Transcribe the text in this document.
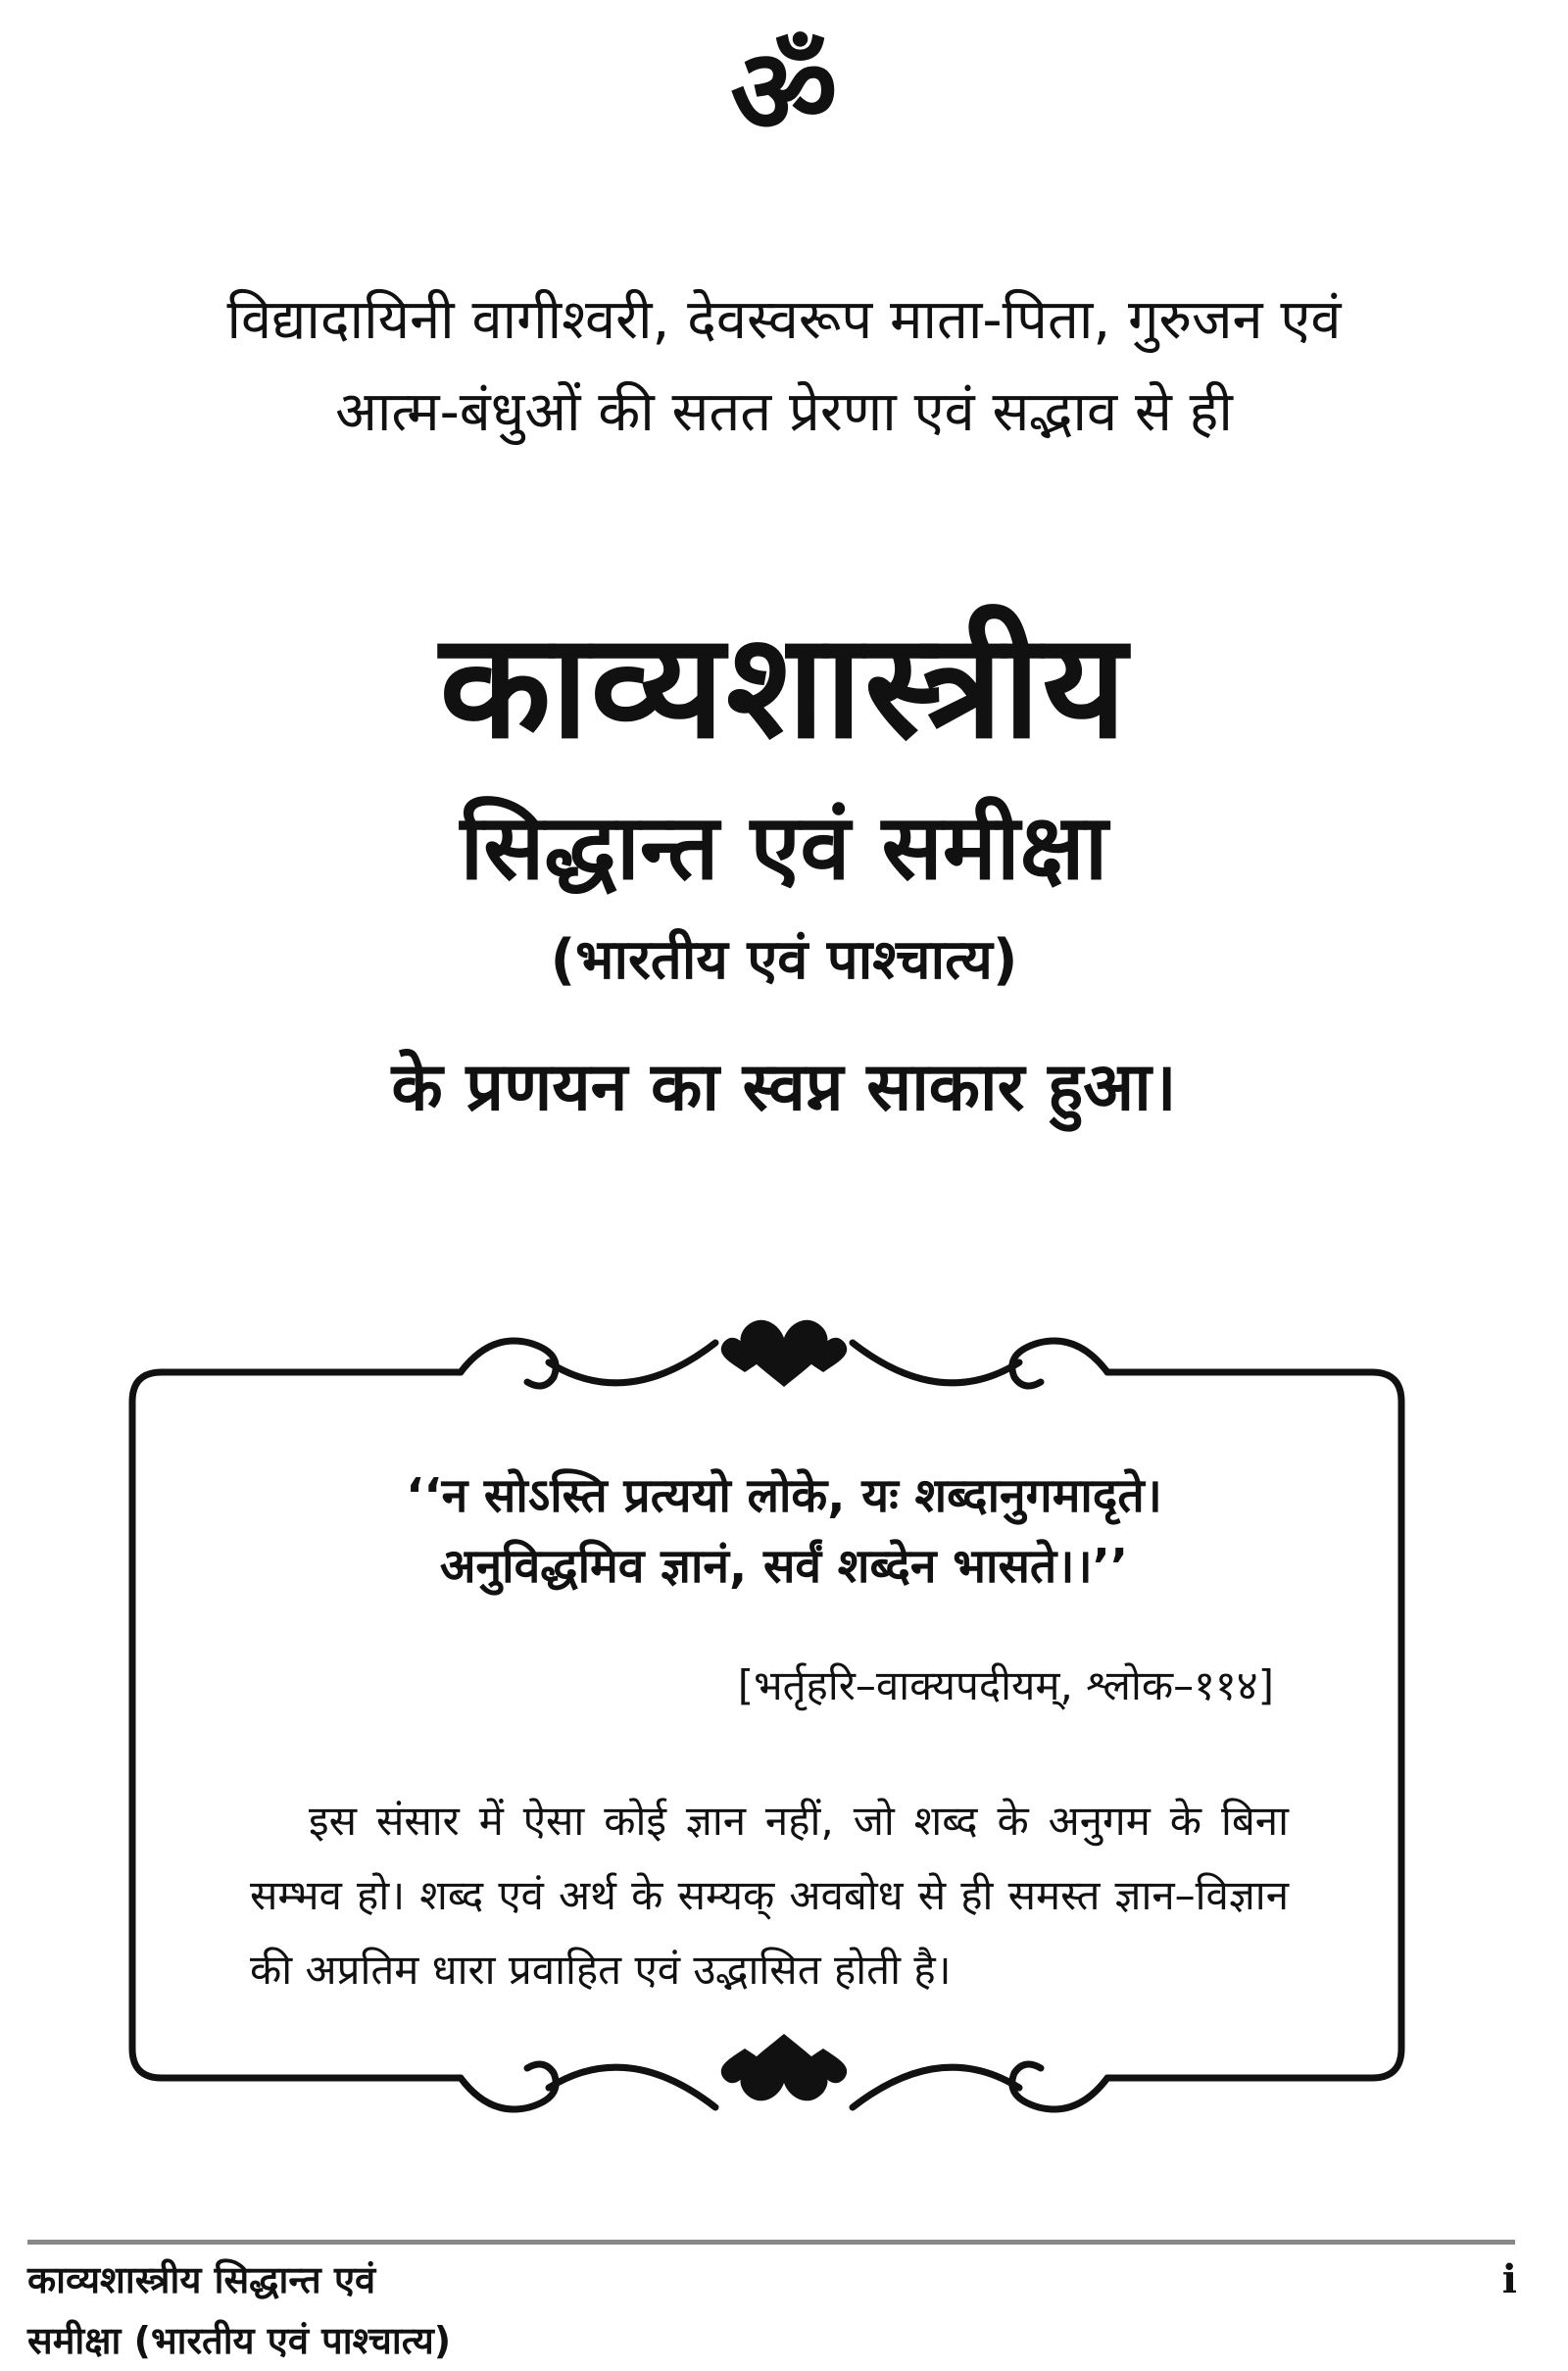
ॐ
विद्यादायिनी वागीश्वरी, देवस्वरूप माता-पिता, गुरुजन एवं
आत्म-बंधुओं की सतत प्रेरणा एवं सद्भाव से ही
काव्यशास्त्रीय
सिद्धान्त एवं समीक्षा
(भारतीय एवं पाश्चात्य)
के प्रणयन का स्वप्न साकार हुआ।
‘‘न सोऽस्ति प्रत्ययो लोके, यः शब्दानुगमादृते।
अनुविद्धमिव ज्ञानं, सर्वं शब्देन भासते।।’’
[भर्तृहरि–वाक्यपदीयम्, श्लोक–११४]
इस संसार में ऐसा कोई ज्ञान नहीं, जो शब्द के अनुगम के बिना सम्भव हो। शब्द एवं अर्थ के सम्यक् अवबोध से ही समस्त ज्ञान–विज्ञान की अप्रतिम धारा प्रवाहित एवं उद्भासित होती है।
काव्यशास्त्रीय सिद्धान्त एवं
समीक्षा (भारतीय एवं पाश्चात्य)
i
